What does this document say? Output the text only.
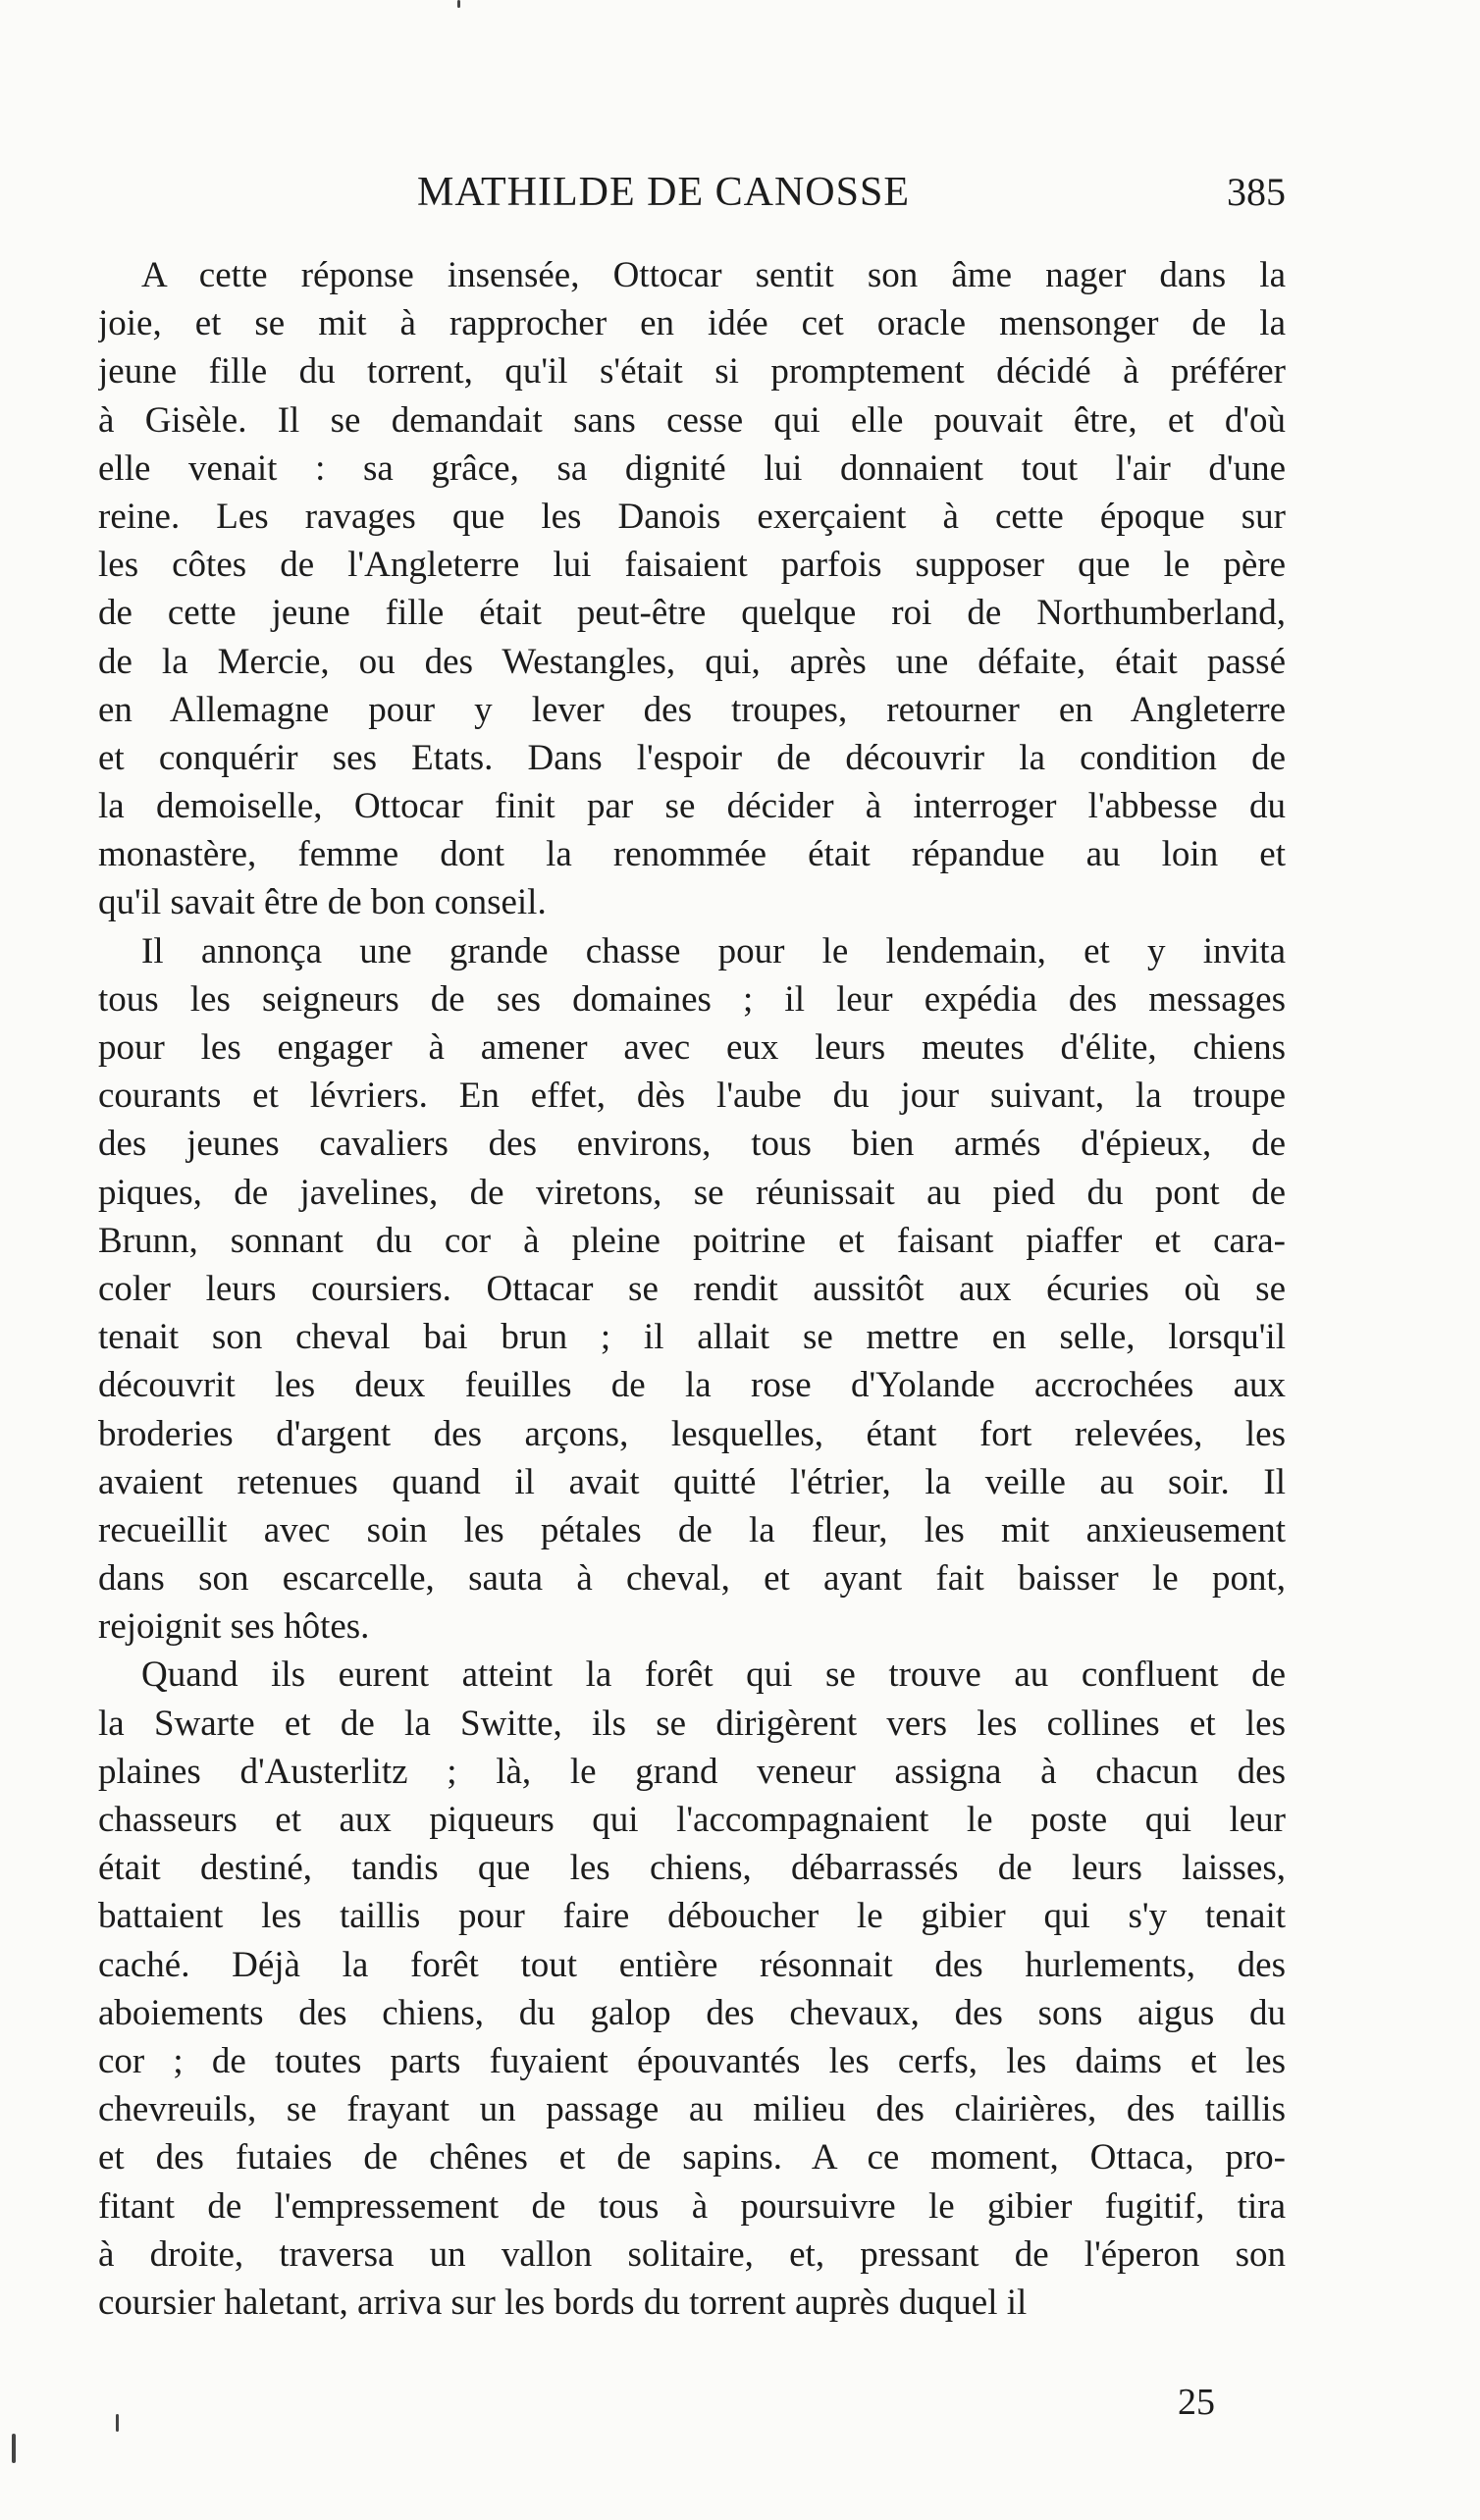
MATHILDE DE CANOSSE	385
A cette réponse insensée, Ottocar sentit son âme nager dans la
joie, et se mit à rapprocher en idée cet oracle mensonger de la
jeune fille du torrent, qu'il s'était si promptement décidé à préférer
à Gisèle. Il se demandait sans cesse qui elle pouvait être, et d'où
elle venait : sa grâce, sa dignité lui donnaient tout l'air d'une
reine. Les ravages que les Danois exerçaient à cette époque sur
les côtes de l'Angleterre lui faisaient parfois supposer que le père
de cette jeune fille était peut-être quelque roi de Northumberland,
de la Mercie, ou des Westangles, qui, après une défaite, était passé
en Allemagne pour y lever des troupes, retourner en Angleterre
et conquérir ses Etats. Dans l'espoir de découvrir la condition de
la demoiselle, Ottocar finit par se décider à interroger l'abbesse du
monastère, femme dont la renommée était répandue au loin et
qu'il savait être de bon conseil.
Il annonça une grande chasse pour le lendemain, et y invita
tous les seigneurs de ses domaines ; il leur expédia des messages
pour les engager à amener avec eux leurs meutes d'élite, chiens
courants et lévriers. En effet, dès l'aube du jour suivant, la troupe
des jeunes cavaliers des environs, tous bien armés d'épieux, de
piques, de javelines, de viretons, se réunissait au pied du pont de
Brunn, sonnant du cor à pleine poitrine et faisant piaffer et cara-
coler leurs coursiers. Ottacar se rendit aussitôt aux écuries où se
tenait son cheval bai brun ; il allait se mettre en selle, lorsqu'il
découvrit les deux feuilles de la rose d'Yolande accrochées aux
broderies d'argent des arçons, lesquelles, étant fort relevées, les
avaient retenues quand il avait quitté l'étrier, la veille au soir. Il
recueillit avec soin les pétales de la fleur, les mit anxieusement
dans son escarcelle, sauta à cheval, et ayant fait baisser le pont,
rejoignit ses hôtes.
Quand ils eurent atteint la forêt qui se trouve au confluent de
la Swarte et de la Switte, ils se dirigèrent vers les collines et les
plaines d'Austerlitz ; là, le grand veneur assigna à chacun des
chasseurs et aux piqueurs qui l'accompagnaient le poste qui leur
était destiné, tandis que les chiens, débarrassés de leurs laisses,
battaient les taillis pour faire déboucher le gibier qui s'y tenait
caché. Déjà la forêt tout entière résonnait des hurlements, des
aboiements des chiens, du galop des chevaux, des sons aigus du
cor ; de toutes parts fuyaient épouvantés les cerfs, les daims et les
chevreuils, se frayant un passage au milieu des clairières, des taillis
et des futaies de chênes et de sapins. A ce moment, Ottaca, pro-
fitant de l'empressement de tous à poursuivre le gibier fugitif, tira
à droite, traversa un vallon solitaire, et, pressant de l'éperon son
coursier haletant, arriva sur les bords du torrent auprès duquel il
25
